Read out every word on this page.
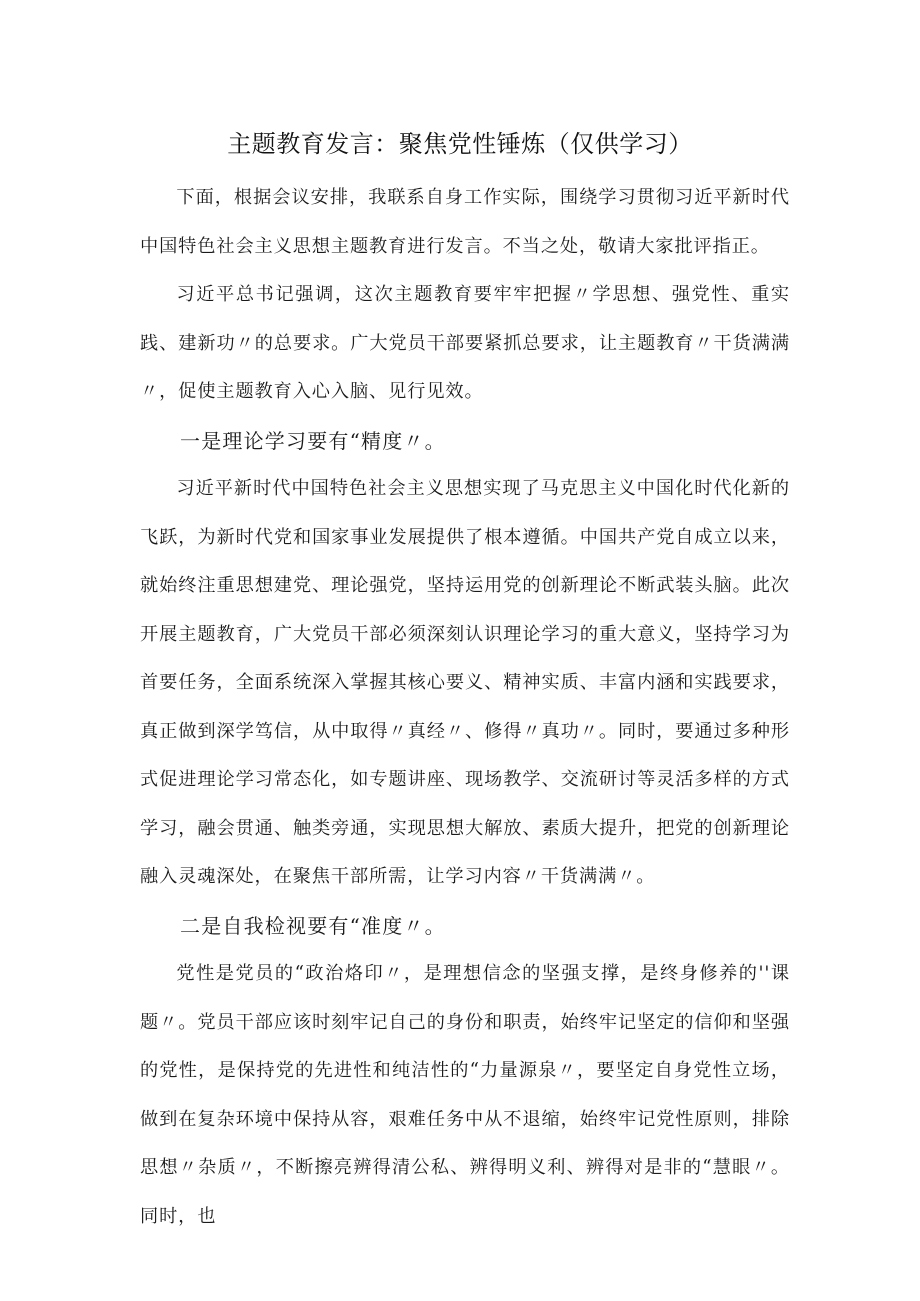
主题教育发言：聚焦党性锤炼（仅供学习）

下面，根据会议安排，我联系自身工作实际，围绕学习贯彻习近平新时代中国特色社会主义思想主题教育进行发言。不当之处，敬请大家批评指正。

习近平总书记强调，这次主题教育要牢牢把握〃学思想、强党性、重实践、建新功〃的总要求。广大党员干部要紧抓总要求，让主题教育〃干货满满〃，促使主题教育入心入脑、见行见效。

一是理论学习要有“精度〃。

习近平新时代中国特色社会主义思想实现了马克思主义中国化时代化新的飞跃，为新时代党和国家事业发展提供了根本遵循。中国共产党自成立以来，就始终注重思想建党、理论强党，坚持运用党的创新理论不断武装头脑。此次开展主题教育，广大党员干部必须深刻认识理论学习的重大意义，坚持学习为首要任务，全面系统深入掌握其核心要义、精神实质、丰富内涵和实践要求，真正做到深学笃信，从中取得〃真经〃、修得〃真功〃。同时，要通过多种形式促进理论学习常态化，如专题讲座、现场教学、交流研讨等灵活多样的方式学习，融会贯通、触类旁通，实现思想大解放、素质大提升，把党的创新理论融入灵魂深处，在聚焦干部所需，让学习内容〃干货满满〃。

二是自我检视要有“准度〃。

党性是党员的“政治烙印〃，是理想信念的坚强支撑，是终身修养的''课题〃。党员干部应该时刻牢记自己的身份和职责，始终牢记坚定的信仰和坚强的党性，是保持党的先进性和纯洁性的“力量源泉〃，要坚定自身党性立场，做到在复杂环境中保持从容，艰难任务中从不退缩，始终牢记党性原则，排除思想〃杂质〃，不断擦亮辨得清公私、辨得明义利、辨得对是非的“慧眼〃。同时，也
